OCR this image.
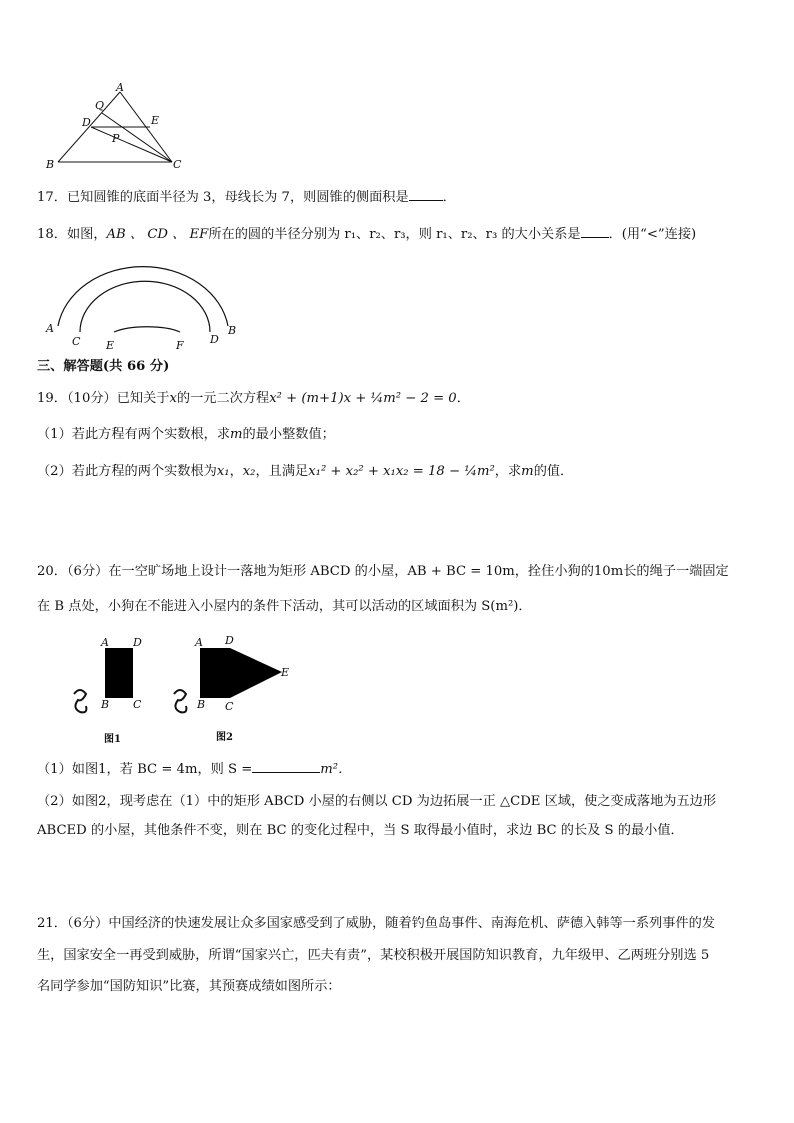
A
Q
D	E
P
B	C
17．已知圆锥的底面半径为 3，母线长为 7，则圆锥的侧面积是	．
18．如图，AB 、 CD 、 EF所在的圆的半径分别为 r₁、r₂、r₃，则 r₁、r₂、r₃ 的大小关系是 ．(用“<”连接)
A	B
C	D
E	F
三、解答题(共 66 分)
19．（10分）已知关于x的一元二次方程x² + (m+1)x + ¼m² − 2 = 0．
（1）若此方程有两个实数根，求m的最小整数值；
（2）若此方程的两个实数根为x₁，x₂，且满足x₁² + x₂² + x₁x₂ = 18 − ¼m²，求m的值．
20．（6分）在一空旷场地上设计一落地为矩形 ABCD 的小屋，AB + BC = 10m，拴住小狗的10m长的绳子一端固定
在 B 点处，小狗在不能进入小屋内的条件下活动，其可以活动的区域面积为 S(m²)．
A D
B C
A D
E
B C
图1	图2
（1）如图1，若 BC = 4m，则 S =	m²．
（2）如图2，现考虑在（1）中的矩形 ABCD 小屋的右侧以 CD 为边拓展一正 △CDE 区域，使之变成落地为五边形
ABCED 的小屋，其他条件不变，则在 BC 的变化过程中，当 S 取得最小值时，求边 BC 的长及 S 的最小值．
21．（6分）中国经济的快速发展让众多国家感受到了威胁，随着钓鱼岛事件、南海危机、萨德入韩等一系列事件的发
生，国家安全一再受到威胁，所谓“国家兴亡，匹夫有责”，某校积极开展国防知识教育，九年级甲、乙两班分别选 5
名同学参加“国防知识”比赛，其预赛成绩如图所示：
